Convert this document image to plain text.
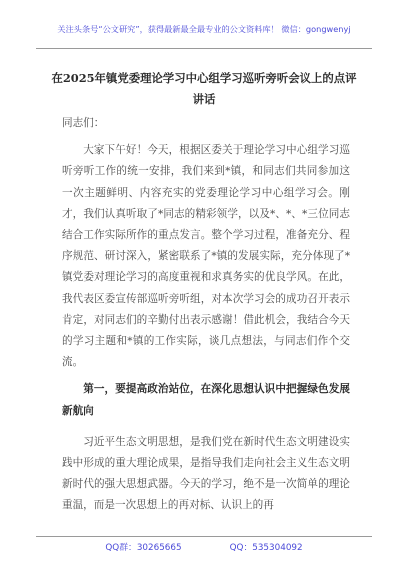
关注头条号“公文研究”，获得最新最全最专业的公文资料库！ 微信：gongwenyj
在2025年镇党委理论学习中心组学习巡听旁听会议上的点评讲话

同志们：

大家下午好！今天，根据区委关于理论学习中心组学习巡听旁听工作的统一安排，我们来到*镇，和同志们共同参加这一次主题鲜明、内容充实的党委理论学习中心组学习会。刚才，我们认真听取了*同志的精彩领学，以及*、*、*三位同志结合工作实际所作的重点发言。整个学习过程，准备充分、程序规范、研讨深入，紧密联系了*镇的发展实际，充分体现了*镇党委对理论学习的高度重视和求真务实的优良学风。在此，我代表区委宣传部巡听旁听组，对本次学习会的成功召开表示肯定，对同志们的辛勤付出表示感谢！借此机会，我结合今天的学习主题和*镇的工作实际，谈几点想法，与同志们作个交流。

第一，要提高政治站位，在深化思想认识中把握绿色发展新航向

习近平生态文明思想，是我们党在新时代生态文明建设实践中形成的重大理论成果，是指导我们走向社会主义生态文明新时代的强大思想武器。今天的学习，绝不是一次简单的理论重温，而是一次思想上的再对标、认识上的再

QQ群：30265665	QQ：535304092
